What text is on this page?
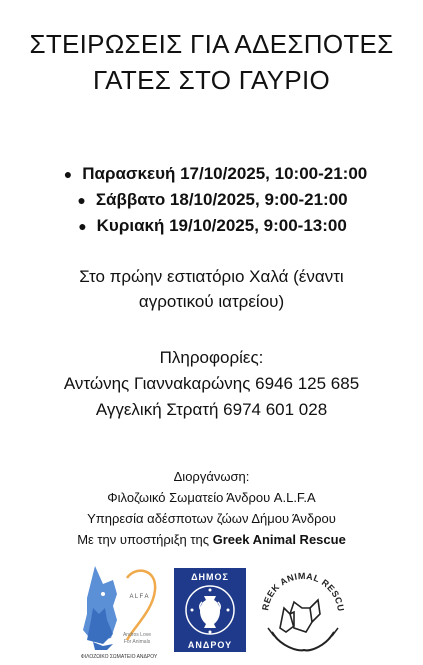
ΣΤΕΙΡΩΣΕΙΣ ΓΙΑ ΑΔΕΣΠΟΤΕΣ
ΓΑΤΕΣ ΣΤΟ ΓΑΥΡΙΟ
● Παρασκευή 17/10/2025, 10:00-21:00
● Σάββατο 18/10/2025, 9:00-21:00
● Κυριακή 19/10/2025, 9:00-13:00
Στο πρώην εστιατόριο Χαλά (έναντι
αγροτικού ιατρείου)
Πληροφορίες:
Αντώνης Γιανναkαρώνης 6946 125 685
Αγγελική Στρατή 6974 601 028
Διοργάνωση:
Φιλοζωικό Σωματείο Άνδρου A.L.F.A
Υπηρεσία αδέσποτων ζώων Δήμου Άνδρου
Με την υποστήριξη της Greek Animal Rescue
A L F A
Andros Love
For Animals
ΦΙΛΟΖΩΙΚΟ ΣΩΜΑΤΕΙΟ ΑΝΔΡΟΥ
ΔΗΜΟΣ
ΑΝΔΡΟΥ
REEK ANIMAL RESCU
